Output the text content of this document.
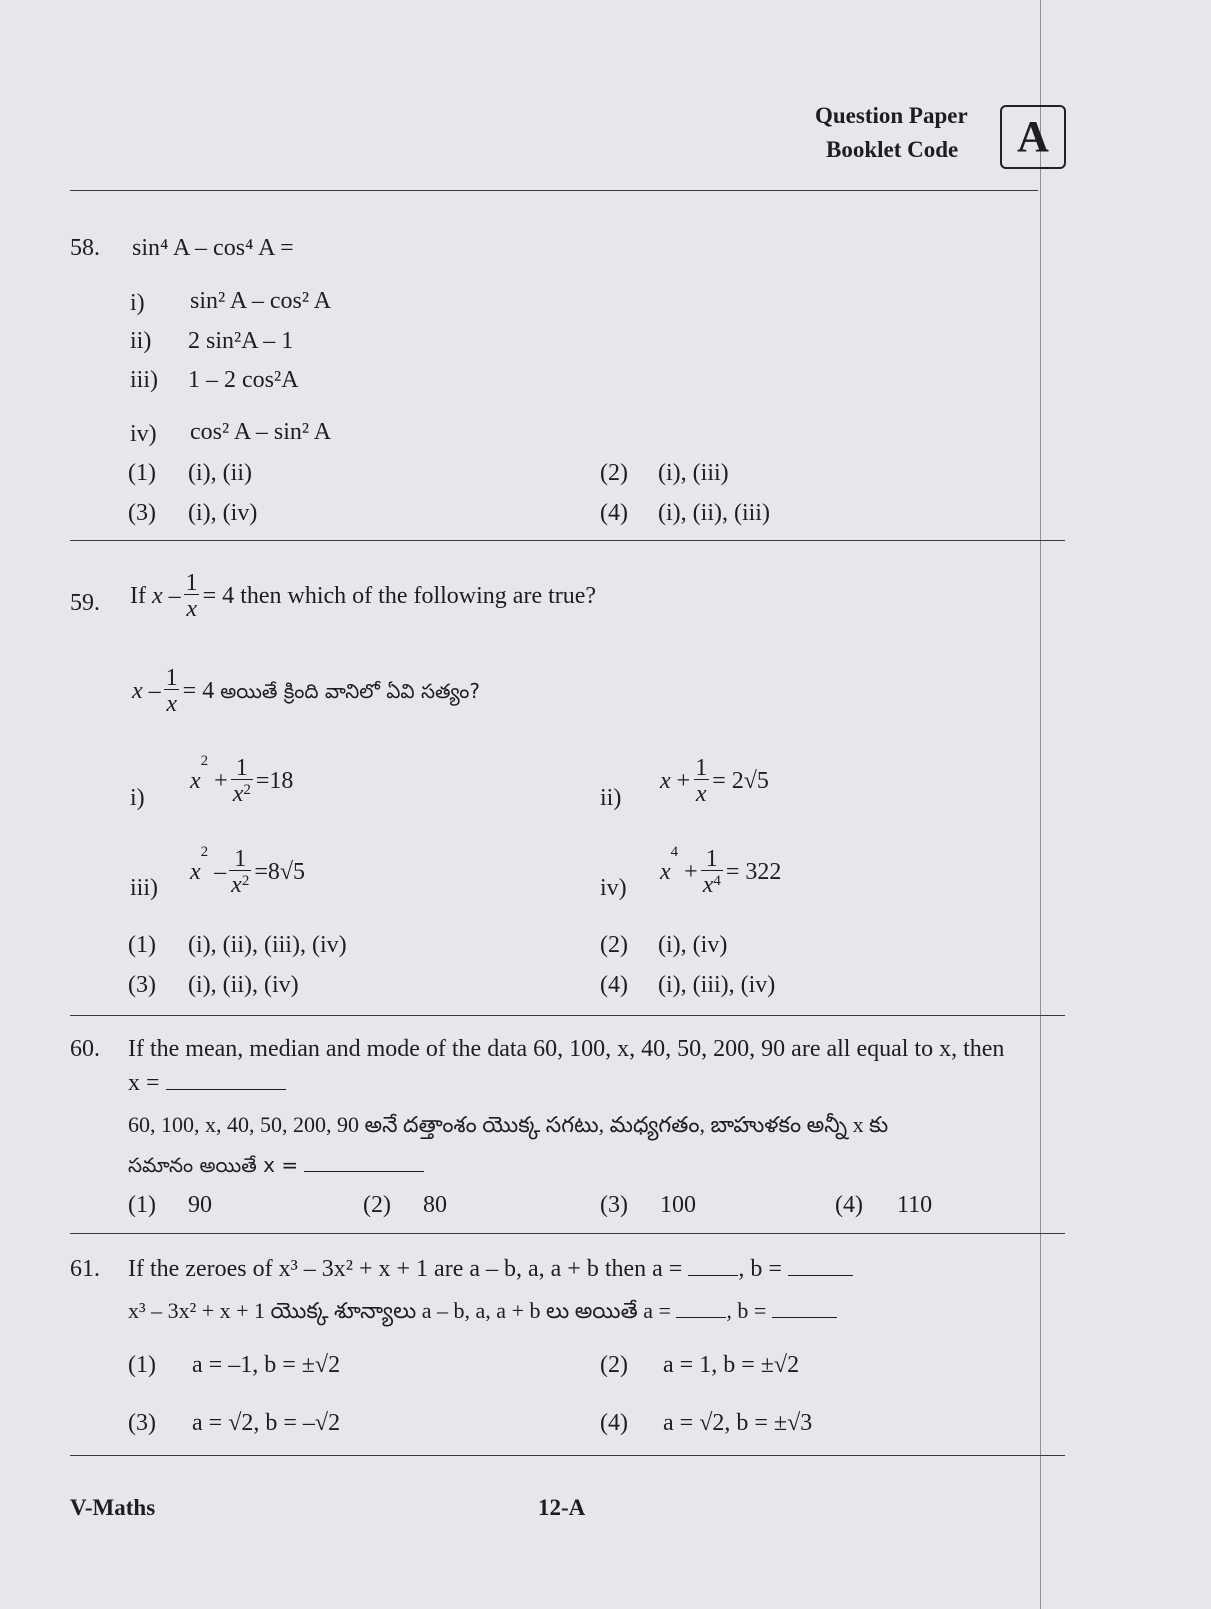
Question Paper
Booklet Code	A
58. sin⁴ A – cos⁴ A =
i) sin² A – cos² A
ii) 2 sin²A – 1
iii) 1 – 2 cos²A
iv) cos² A – sin² A
(1) (i), (ii)	(2) (i), (iii)
(3) (i), (iv)	(4) (i), (ii), (iii)
59. If $x - \frac{1}{x} = 4$ then which of the following are true?
$x - \frac{1}{x} = 4$ అయితే క్రింది వానిలో ఏవి సత్యం?
i)
$x^2 + \frac{1}{x^2} =18$
ii)
$x + \frac{1}{x} = 2√5$
iii)
$x^2 - \frac{1}{x^2} =8√5$
iv)
$x^4 + \frac{1}{x^4} = 322$
(1) (i), (ii), (iii), (iv)	(2) (i), (iv)
(3) (i), (ii), (iv)	(4) (i), (iii), (iv)
60. If the mean, median and mode of the data 60, 100, x, 40, 50, 200, 90 are all equal to x, then
x =
60, 100, x, 40, 50, 200, 90 అనే దత్తాంశం యొక్క సగటు, మధ్యగతం, బాహుళకం అన్నీ x కు
సమానం అయితే x =
(1) 90	(2) 80	(3) 100	(4) 110
61. If the zeroes of x³ – 3x² + x + 1 are a – b, a, a + b then a = , b =
x³ – 3x² + x + 1 యొక్క శూన్యాలు a – b, a, a + b లు అయితే a =	, b =
(1) a = –1, b = ±√2	(2) a = 1, b = ±√2
(3) a = √2, b = –√2	(4) a = √2, b = ±√3
V-Maths	12-A
